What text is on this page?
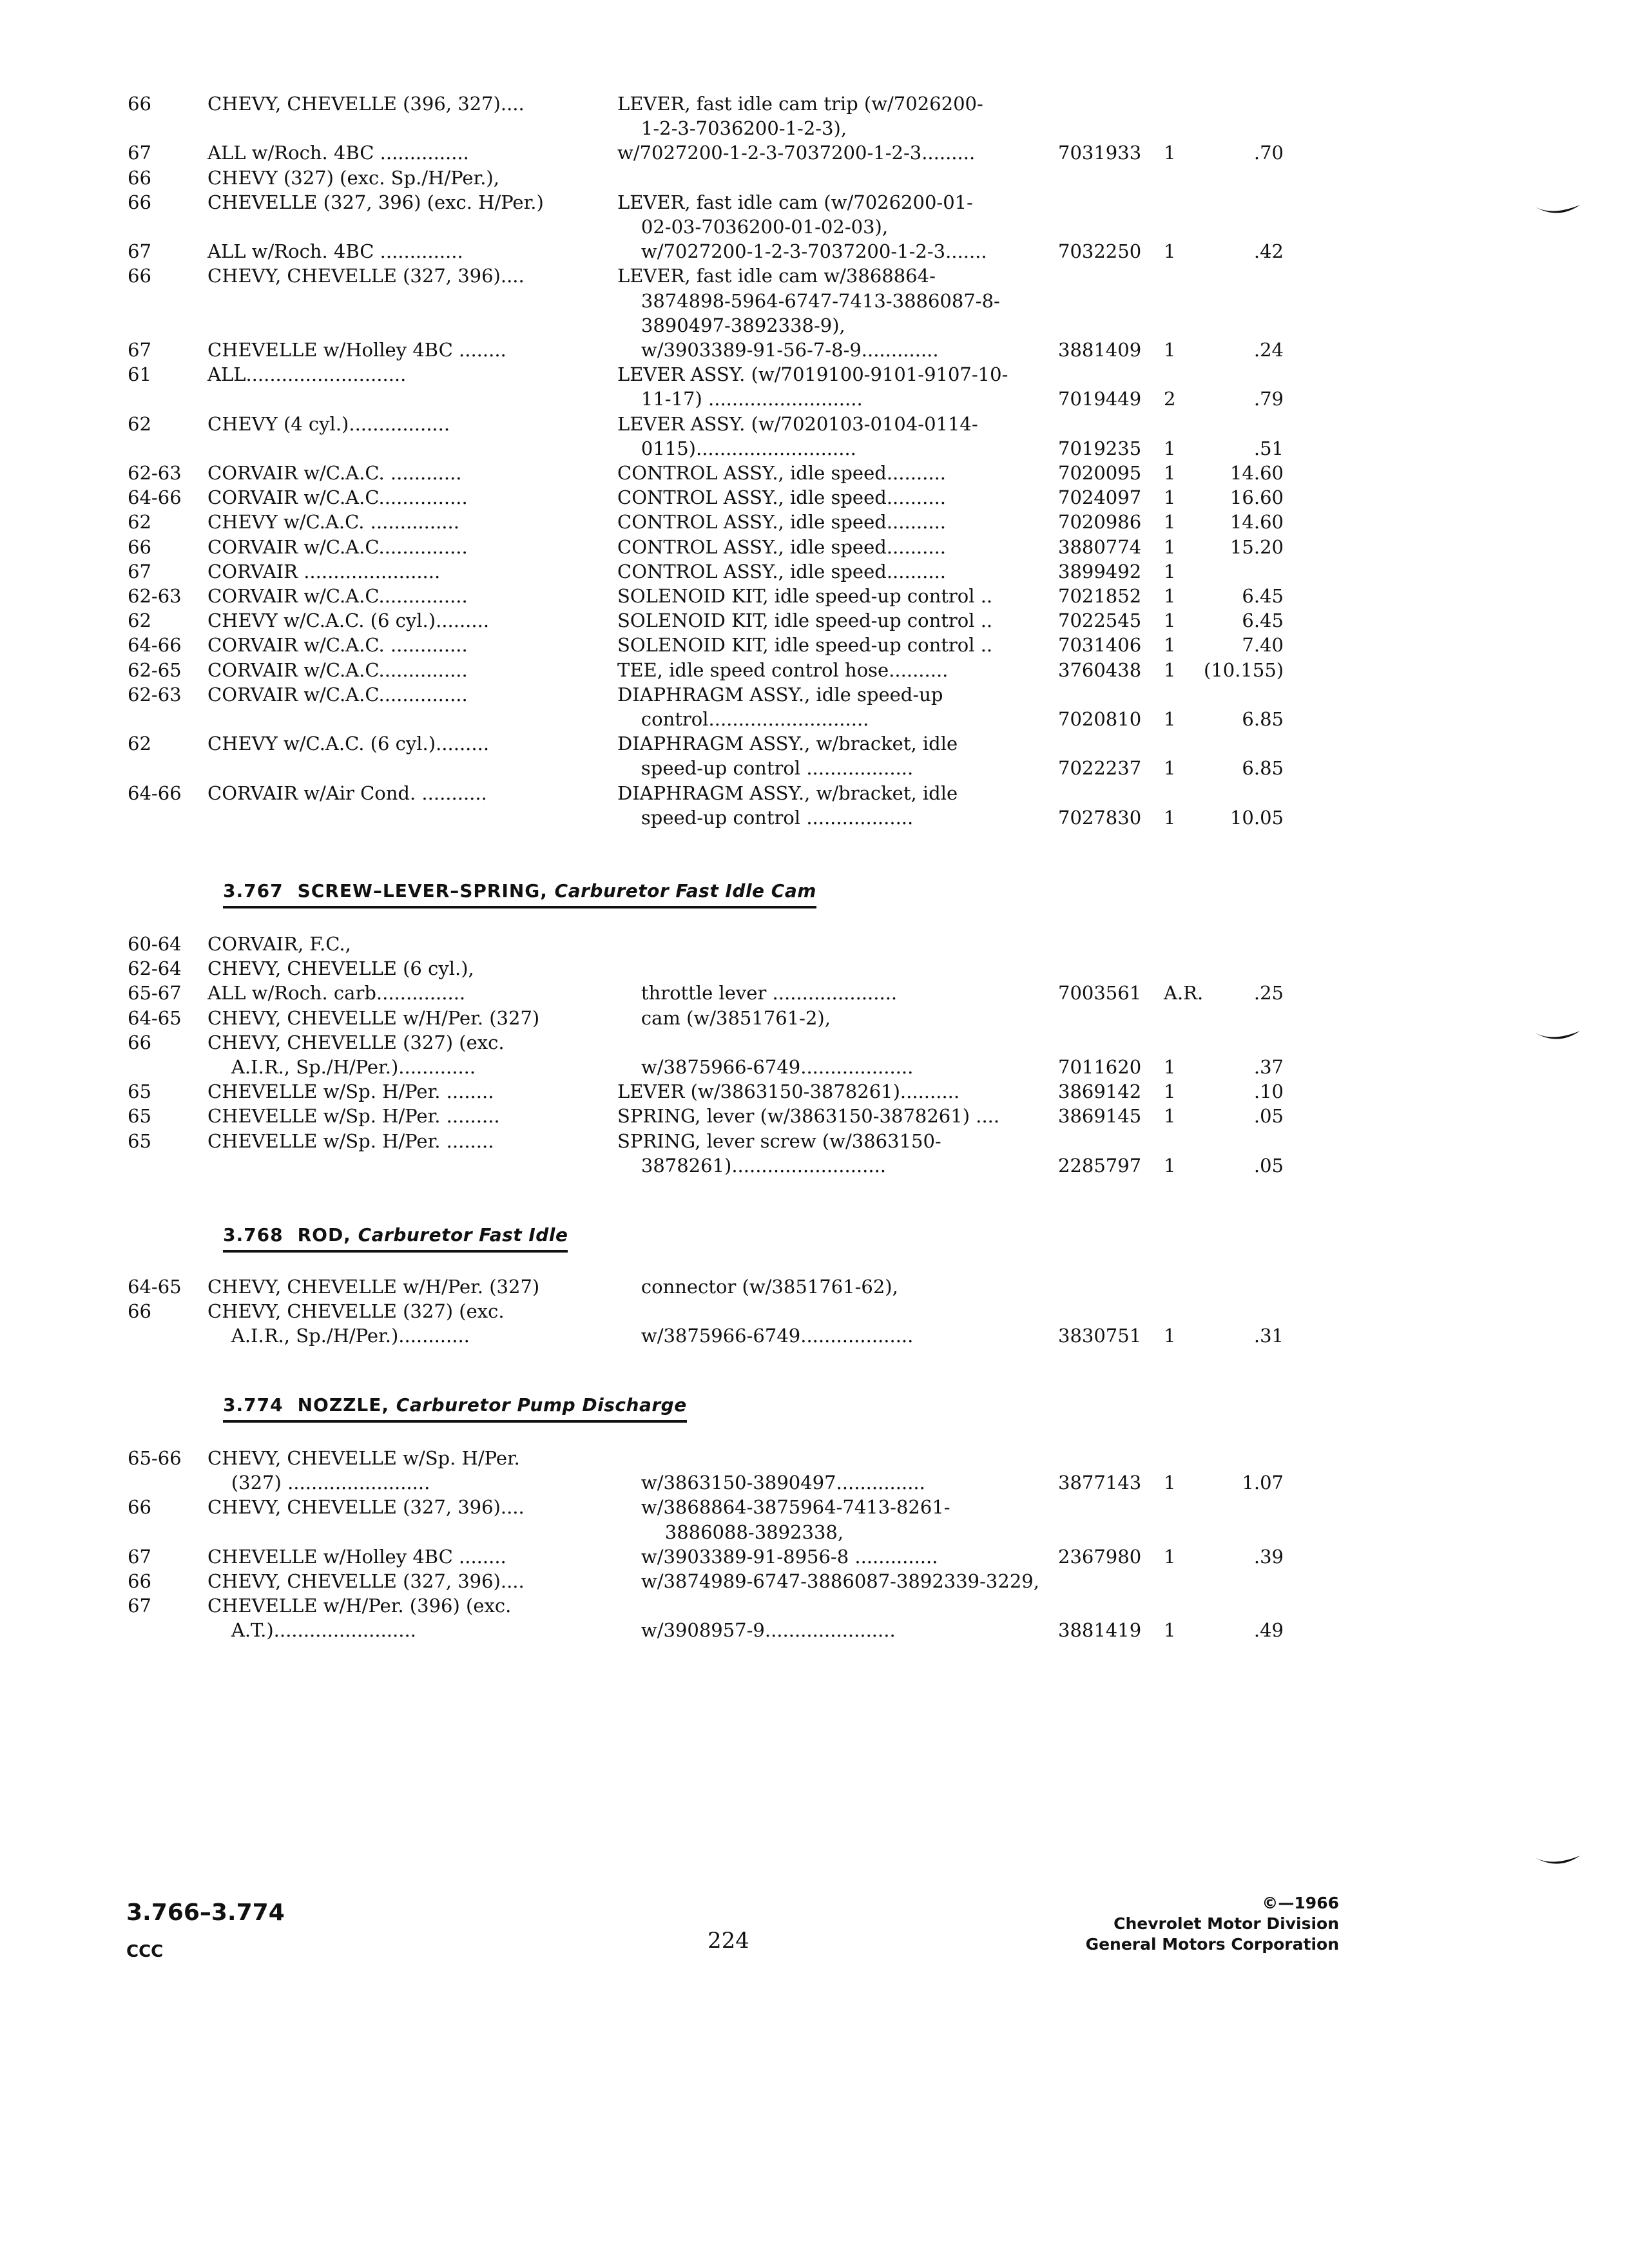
66	CHEVY, CHEVELLE (396, 327)....	LEVER, fast idle cam trip (w/7026200-
1-2-3-7036200-1-2-3),
67	ALL w/Roch. 4BC ...............	w/7027200-1-2-3-7037200-1-2-3.........	7031933 1	.70
66	CHEVY (327) (exc. Sp./H/Per.),
66	CHEVELLE (327, 396) (exc. H/Per.)	LEVER, fast idle cam (w/7026200-01-
02-03-7036200-01-02-03),
67	ALL w/Roch. 4BC ..............	w/7027200-1-2-3-7037200-1-2-3.......	7032250 1	.42
66	CHEVY, CHEVELLE (327, 396)....	LEVER, fast idle cam w/3868864-
3874898-5964-6747-7413-3886087-8-
3890497-3892338-9),
67	CHEVELLE w/Holley 4BC ........	w/3903389-91-56-7-8-9.............	3881409 1	.24
61	ALL...........................	LEVER ASSY. (w/7019100-9101-9107-10-
11-17) ..........................	7019449 2	.79
62	CHEVY (4 cyl.).................	LEVER ASSY. (w/7020103-0104-0114-
0115)...........................	7019235 1	.51
62-63 CORVAIR w/C.A.C. ............	CONTROL ASSY., idle speed..........	7020095 1	14.60
64-66 CORVAIR w/C.A.C...............	CONTROL ASSY., idle speed..........	7024097 1	16.60
62	CHEVY w/C.A.C. ...............	CONTROL ASSY., idle speed..........	7020986 1	14.60
66	CORVAIR w/C.A.C...............	CONTROL ASSY., idle speed..........	3880774 1	15.20
67	CORVAIR .......................	CONTROL ASSY., idle speed..........	3899492 1
62-63 CORVAIR w/C.A.C...............	SOLENOID KIT, idle speed-up control ..	7021852 1	6.45
62	CHEVY w/C.A.C. (6 cyl.).........	SOLENOID KIT, idle speed-up control ..	7022545 1	6.45
64-66 CORVAIR w/C.A.C. .............	SOLENOID KIT, idle speed-up control ..	7031406 1	7.40
62-65 CORVAIR w/C.A.C...............	TEE, idle speed control hose..........	3760438 1 (10.155)
62-63 CORVAIR w/C.A.C...............	DIAPHRAGM ASSY., idle speed-up
control...........................	7020810 1	6.85
62	CHEVY w/C.A.C. (6 cyl.).........	DIAPHRAGM ASSY., w/bracket, idle
speed-up control ..................	7022237 1	6.85
64-66 CORVAIR w/Air Cond. ...........	DIAPHRAGM ASSY., w/bracket, idle
speed-up control ..................	7027830 1	10.05
3.767 SCREW–LEVER–SPRING, Carburetor Fast Idle Cam
60-64 CORVAIR, F.C.,
62-64 CHEVY, CHEVELLE (6 cyl.),
65-67 ALL w/Roch. carb...............	throttle lever .....................	7003561 A.R.	.25
64-65 CHEVY, CHEVELLE w/H/Per. (327)	cam (w/3851761-2),
66	CHEVY, CHEVELLE (327) (exc.
A.I.R., Sp./H/Per.).............	w/3875966-6749...................	7011620 1	.37
65	CHEVELLE w/Sp. H/Per. ........	LEVER (w/3863150-3878261)..........	3869142 1	.10
65	CHEVELLE w/Sp. H/Per. .........	SPRING, lever (w/3863150-3878261) ....	3869145 1	.05
65	CHEVELLE w/Sp. H/Per. ........	SPRING, lever screw (w/3863150-
3878261)..........................	2285797 1	.05
3.768 ROD, Carburetor Fast Idle
64-65 CHEVY, CHEVELLE w/H/Per. (327)	connector (w/3851761-62),
66	CHEVY, CHEVELLE (327) (exc.
A.I.R., Sp./H/Per.)............	w/3875966-6749...................	3830751 1	.31
3.774 NOZZLE, Carburetor Pump Discharge
65-66 CHEVY, CHEVELLE w/Sp. H/Per.
(327) ........................	w/3863150-3890497...............	3877143 1	1.07
66	CHEVY, CHEVELLE (327, 396)....	w/3868864-3875964-7413-8261-
3886088-3892338,
67	CHEVELLE w/Holley 4BC ........	w/3903389-91-8956-8 ..............	2367980 1	.39
66	CHEVY, CHEVELLE (327, 396)....	w/3874989-6747-3886087-3892339-3229,
67	CHEVELLE w/H/Per. (396) (exc.
A.T.)........................	w/3908957-9......................	3881419 1	.49
3.766–3.774
CCC	224
©—1966
Chevrolet Motor Division
General Motors Corporation
